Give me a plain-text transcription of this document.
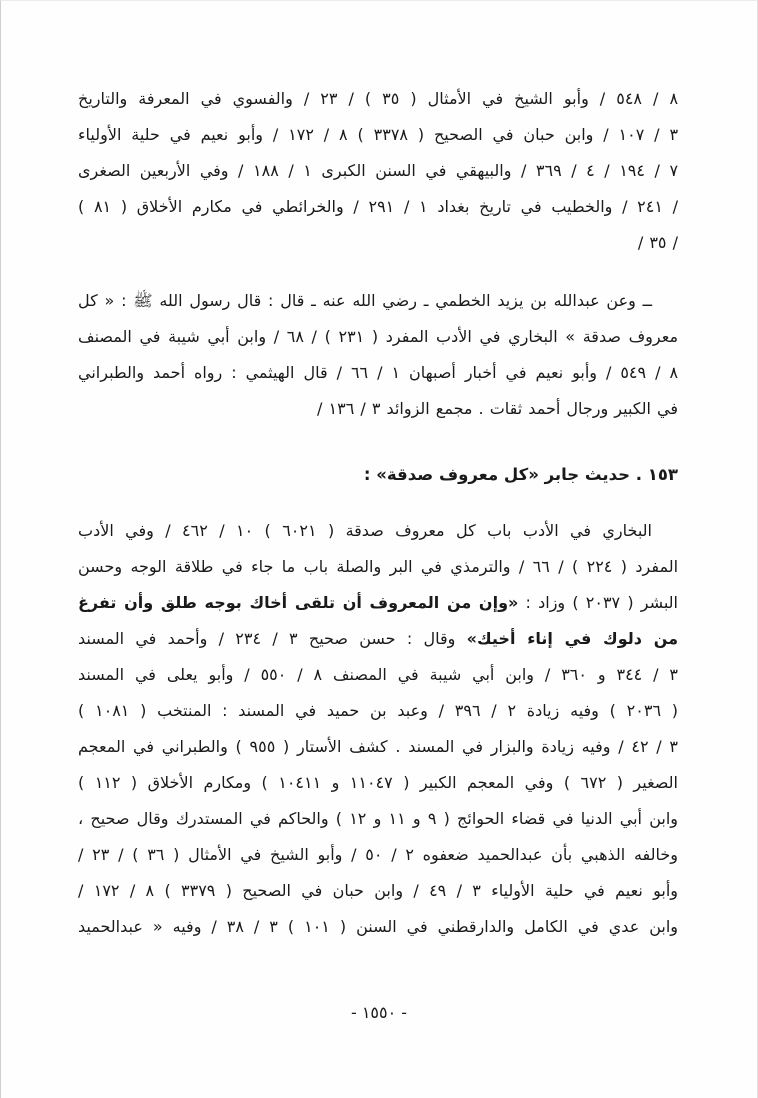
٨ / ٥٤٨ / وأبو الشيخ في الأمثال ( ٣٥ ) / ٢٣ / والفسوي في المعرفة والتاريخ
٣ / ١٠٧ / وابن حبان في الصحيح ( ٣٣٧٨ ) ٨ / ١٧٢ / وأبو نعيم في حلية الأولياء
٧ / ١٩٤ / ٤ / ٣٦٩ / والبيهقي في السنن الكبرى ١ / ١٨٨ / وفي الأربعين الصغرى
/ ٢٤١ / والخطيب في تاريخ بغداد ١ / ٢٩١ / والخرائطي في مكارم الأخلاق ( ٨١ )
/ ٣٥ /
ــ وعن عبدالله بن يزيد الخطمي ـ رضي الله عنه ـ قال : قال رسول الله ﷺ : « كل
معروف صدقة » البخاري في الأدب المفرد ( ٢٣١ ) / ٦٨ / وابن أبي شيبة في المصنف
٨ / ٥٤٩ / وأبو نعيم في أخبار أصبهان ١ / ٦٦ / قال الهيثمي : رواه أحمد والطبراني
في الكبير ورجال أحمد ثقات . مجمع الزوائد ٣ / ١٣٦ /
١٥٣ . حديث جابر «كل معروف صدقة» :
البخاري في الأدب باب كل معروف صدقة ( ٦٠٢١ ) ١٠ / ٤٦٢ / وفي الأدب
المفرد ( ٢٢٤ ) / ٦٦ / والترمذي في البر والصلة باب ما جاء في طلاقة الوجه وحسن
البشر ( ٢٠٣٧ ) وزاد : «وإن من المعروف أن تلقى أخاك بوجه طلق وأن تفرغ
من دلوك في إناء أخيك» وقال : حسن صحيح ٣ / ٢٣٤ / وأحمد في المسند
٣ / ٣٤٤ و ٣٦٠ / وابن أبي شيبة في المصنف ٨ / ٥٥٠ / وأبو يعلى في المسند
( ٢٠٣٦ ) وفيه زيادة ٢ / ٣٩٦ / وعبد بن حميد في المسند : المنتخب ( ١٠٨١ )
٣ / ٤٢ / وفيه زيادة والبزار في المسند . كشف الأستار ( ٩٥٥ ) والطبراني في المعجم
الصغير ( ٦٧٢ ) وفي المعجم الكبير ( ١١٠٤٧ و ١٠٤١١ ) ومكارم الأخلاق ( ١١٢ )
وابن أبي الدنيا في قضاء الحوائج ( ٩ و ١١ و ١٢ ) والحاكم في المستدرك وقال صحيح ،
وخالفه الذهبي بأن عبدالحميد ضعفوه ٢ / ٥٠ / وأبو الشيخ في الأمثال ( ٣٦ ) / ٢٣ /
وأبو نعيم في حلية الأولياء ٣ / ٤٩ / وابن حبان في الصحيح ( ٣٣٧٩ ) ٨ / ١٧٢ /
وابن عدي في الكامل والدارقطني في السنن ( ١٠١ ) ٣ / ٣٨ / وفيه « عبدالحميد
- ١٥٥٠ -
